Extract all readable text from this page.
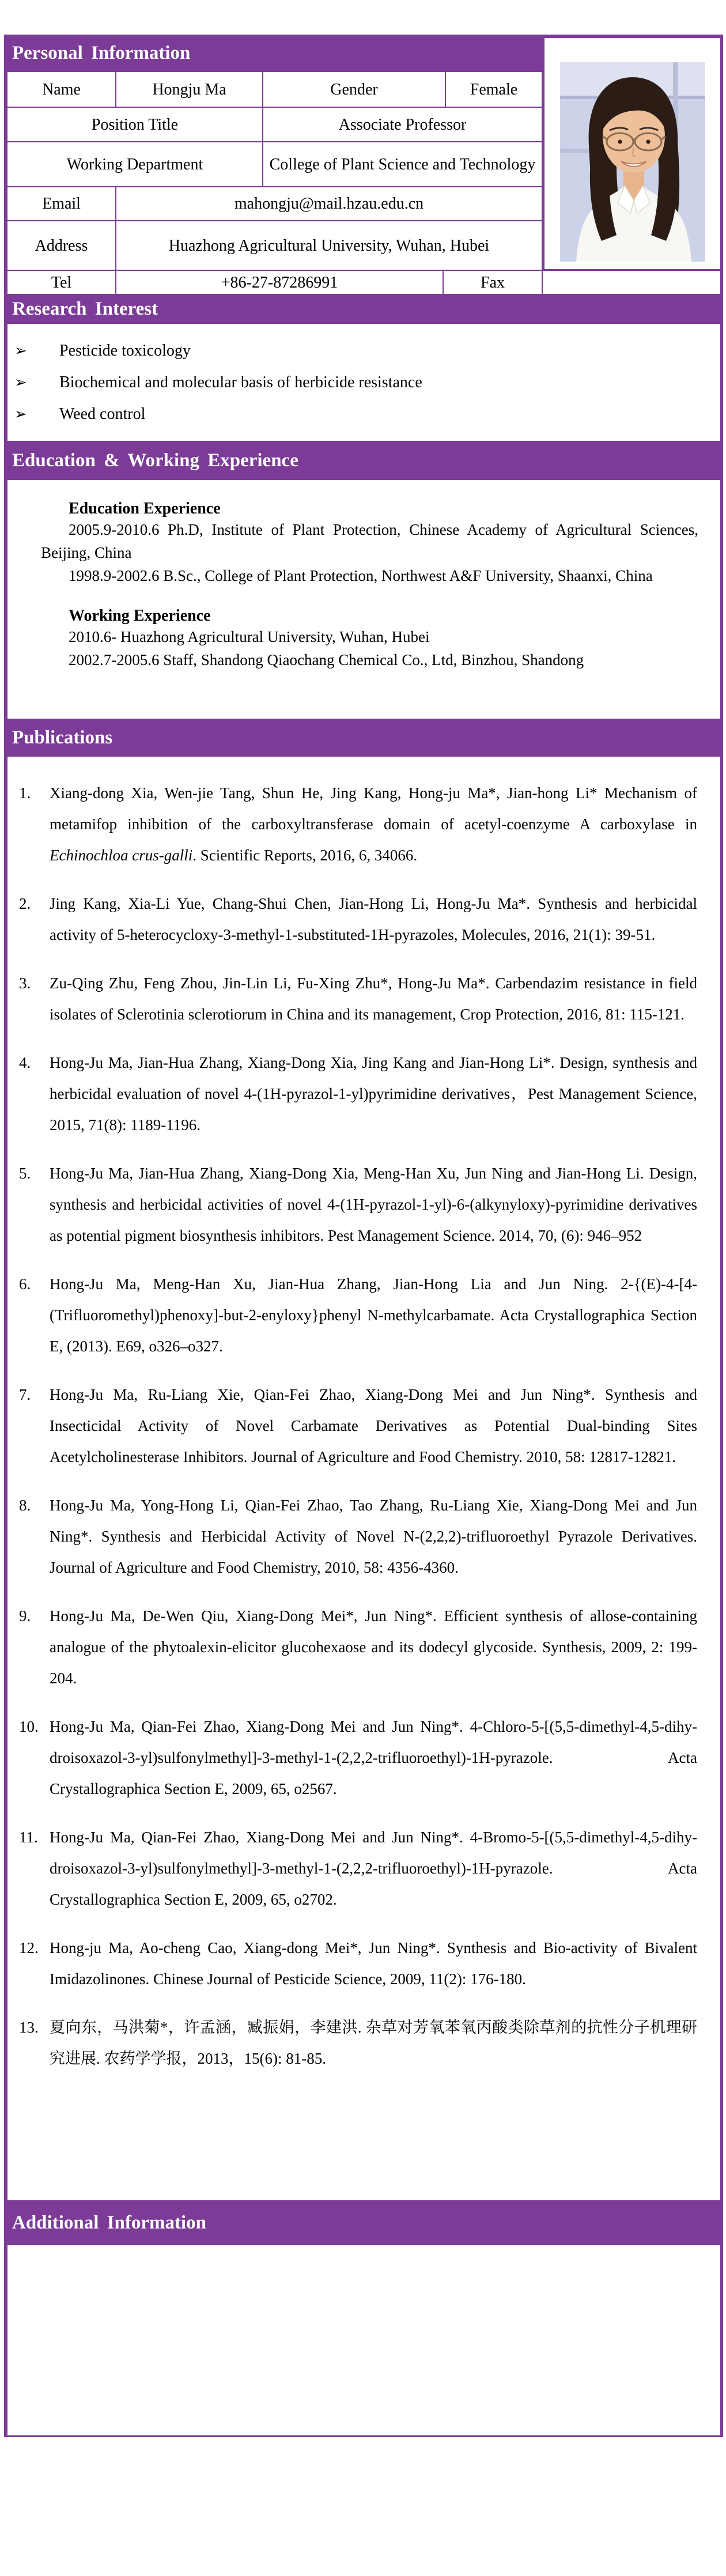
Personal Information
Name	Hongju Ma	Gender	Female
Position Title	Associate Professor
Working Department	College of Plant Science and Technology
Email	mahongju@mail.hzau.edu.cn
Address	Huazhong Agricultural University, Wuhan, Hubei
Tel	+86-27-87286991	Fax
Research Interest
➢	Pesticide toxicology
➢	Biochemical and molecular basis of herbicide resistance
➢	Weed control
Education & Working Experience
Education Experience

2005.9-2010.6 Ph.D, Institute of Plant Protection, Chinese Academy of Agricultural Sciences, Beijing, China

1998.9-2002.6 B.Sc., College of Plant Protection, Northwest A&F University, Shaanxi, China

Working Experience

2010.6- Huazhong Agricultural University, Wuhan, Hubei

2002.7-2005.6 Staff, Shandong Qiaochang Chemical Co., Ltd, Binzhou, Shandong

Publications
1.	Xiang-dong Xia, Wen-jie Tang, Shun He, Jing Kang, Hong-ju Ma*, Jian-hong Li* Mechanism of metamifop inhibition of the carboxyltransferase domain of acetyl-coenzyme A carboxylase in Echinochloa crus-galli. Scientific Reports, 2016, 6, 34066.

2.	Jing Kang, Xia-Li Yue, Chang-Shui Chen, Jian-Hong Li, Hong-Ju Ma*. Synthesis and herbicidal activity of 5-heterocycloxy-3-methyl-1-substituted-1H-pyrazoles, Molecules, 2016, 21(1): 39-51.

3.	Zu-Qing Zhu, Feng Zhou, Jin-Lin Li, Fu-Xing Zhu*, Hong-Ju Ma*. Carbendazim resistance in field isolates of Sclerotinia sclerotiorum in China and its management, Crop Protection, 2016, 81: 115-121.

4.	Hong-Ju Ma, Jian-Hua Zhang, Xiang-Dong Xia, Jing Kang and Jian-Hong Li*. Design, synthesis and herbicidal evaluation of novel 4-(1H-pyrazol-1-yl)pyrimidine derivatives，Pest Management Science, 2015, 71(8): 1189-1196.

5.	Hong-Ju Ma, Jian-Hua Zhang, Xiang-Dong Xia, Meng-Han Xu, Jun Ning and Jian-Hong Li. Design, synthesis and herbicidal activities of novel 4-(1H-pyrazol-1-yl)-6-(alkynyloxy)-pyrimidine derivatives as potential pigment biosynthesis inhibitors. Pest Management Science. 2014, 70, (6): 946–952

6.	Hong-Ju Ma, Meng-Han Xu, Jian-Hua Zhang, Jian-Hong Lia and Jun Ning. 2-{(E)-4-[4-(Trifluoromethyl)phenoxy]-but-2-enyloxy}phenyl N-methylcarbamate. Acta Crystallographica Section E, (2013). E69, o326–o327.

7.	Hong-Ju Ma, Ru-Liang Xie, Qian-Fei Zhao, Xiang-Dong Mei and Jun Ning*. Synthesis and Insecticidal Activity of Novel Carbamate Derivatives as Potential Dual-binding Sites Acetylcholinesterase Inhibitors. Journal of Agriculture and Food Chemistry. 2010, 58: 12817-12821.

8.	Hong-Ju Ma, Yong-Hong Li, Qian-Fei Zhao, Tao Zhang, Ru-Liang Xie, Xiang-Dong Mei and Jun Ning*. Synthesis and Herbicidal Activity of Novel N-(2,2,2)-trifluoroethyl Pyrazole Derivatives. Journal of Agriculture and Food Chemistry, 2010, 58: 4356-4360.

9.	Hong-Ju Ma, De-Wen Qiu, Xiang-Dong Mei*, Jun Ning*. Efficient synthesis of allose-containing analogue of the phytoalexin-elicitor glucohexaose and its dodecyl glycoside. Synthesis, 2009, 2: 199-204.

10. Hong-Ju Ma, Qian-Fei Zhao, Xiang-Dong Mei and Jun Ning*. 4-Chloro-5-[(5,5-dimethyl-4,5-dihy-droisoxazol-3-yl)sulfonylmethyl]-3-methyl-1-(2,2,2-trifluoroethyl)-1H-pyrazole. Acta Crystallographica Section E, 2009, 65, o2567.

11. Hong-Ju Ma, Qian-Fei Zhao, Xiang-Dong Mei and Jun Ning*. 4-Bromo-5-[(5,5-dimethyl-4,5-dihy-droisoxazol-3-yl)sulfonylmethyl]-3-methyl-1-(2,2,2-trifluoroethyl)-1H-pyrazole. Acta Crystallographica Section E, 2009, 65, o2702.

12. Hong-ju Ma, Ao-cheng Cao, Xiang-dong Mei*, Jun Ning*. Synthesis and Bio-activity of Bivalent Imidazolinones. Chinese Journal of Pesticide Science, 2009, 11(2): 176-180.

13. 夏向东，马洪菊*，许孟涵，臧振娟，李建洪. 杂草对芳氧苯氧丙酸类除草剂的抗性分子机理研究进展. 农药学学报，2013，15(6): 81-85.

Additional Information
